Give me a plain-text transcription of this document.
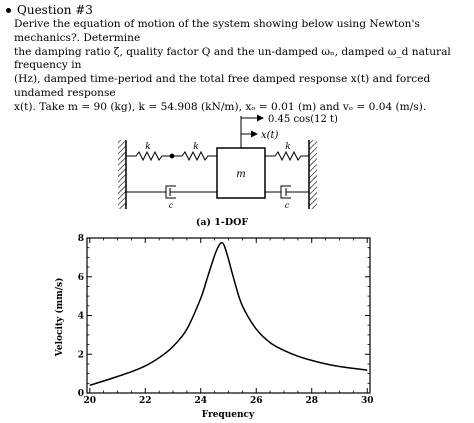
Question #3

Derive the equation of motion of the system showing below using Newton's mechanics?. Determine

the damping ratio ζ, quality factor Q and the un-damped ωₙ, damped ω_d natural frequency in

(Hz), damped time-period and the total free damped response x(t) and forced undamed response

x(t). Take m = 90 (kg), k = 54.908 (kN/m), xₒ = 0.01 (m) and vₒ = 0.04 (m/s).

m
0.45 cos(12 t)
x(t)
k	k	k
c	c
(a) 1-DOF
Velocity (mm/s)
Frequency
20	22	24	26	28	30
0
2
4
6
8
